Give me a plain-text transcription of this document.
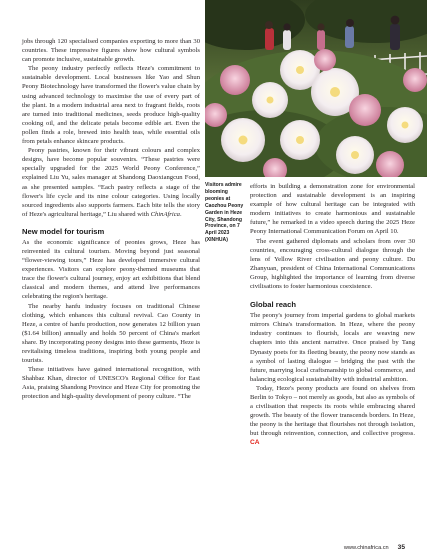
jobs through 120 specialised companies exporting to more than 30 countries. These impressive figures show how cultural symbols can promote inclusive, sustainable growth.

The peony industry perfectly reflects Heze's commitment to sustainable development. Local businesses like Yao and Shun Peony Biotechnology have transformed the flower's value chain by using advanced technology to maximise the use of every part of the plant. In a modern industrial area next to fragrant fields, roots are turned into traditional medicines, seeds produce high-quality cooking oil, and the delicate petals become edible art. Even the pollen finds a role, brewed into health teas, while essential oils from petals enhance skincare products.

Peony pastries, known for their vibrant colours and complex designs, have become popular souvenirs. “These pastries were specially upgraded for the 2025 World Peony Conference,” explained Liu Yu, sales manager at Shandong Daoxiangcun Food, as she presented samples. “Each pastry reflects a stage of the flower's life cycle and its nine colour categories. Using locally sourced ingredients also supports farmers. Each bite tells the story of Heze's agricultural heritage,” Liu shared with ChinAfrica.

New model for tourism

As the economic significance of peonies grows, Heze has reinvented its cultural tourism. Moving beyond just seasonal “flower-viewing tours,” Heze has developed immersive cultural experiences. Visitors can explore peony-themed museums that trace the flower's cultural journey, enjoy art exhibitions that blend classical and modern themes, and attend live performances celebrating the region's heritage.

The nearby hanfu industry focuses on traditional Chinese clothing, which enhances this cultural revival. Cao County in Heze, a centre of hanfu production, now generates 12 billion yuan ($1.64 billion) annually and holds 50 percent of China's market share. By incorporating peony designs into these garments, Heze is revitalising timeless traditions, inspiring both young people and tourists.

These initiatives have gained international recognition, with Shahbaz Khan, director of UNESCO's Regional Office for East Asia, praising Shandong Province and Heze City for promoting the protection and high-quality development of peony culture. “The

Visitors admire blooming peonies at Caozhou Peony Garden in Heze City, Shandong Province, on 7 April 2023
(XINHUA)

efforts in building a demonstration zone for environmental protection and sustainable development is an inspiring example of how cultural heritage can be integrated with modern initiatives to create harmonious and sustainable future,” he remarked in a video speech during the 2025 Heze Peony International Communication Forum on April 10.

The event gathered diplomats and scholars from over 30 countries, encouraging cross-cultural dialogue through the lens of Yellow River civilisation and peony culture. Du Zhanyuan, president of China International Communications Group, highlighted the importance of learning from diverse civilisations to foster harmonious coexistence.

Global reach

The peony's journey from imperial gardens to global markets mirrors China's transformation. In Heze, where the peony industry continues to flourish, locals are weaving new chapters into this ancient narrative. Once praised by Tang Dynasty poets for its fleeting beauty, the peony now stands as a symbol of lasting dialogue – bridging the past with the future, marrying local craftsmanship to global commerce, and balancing ecological sustainability with industrial ambition.

Today, Heze's peony products are found on shelves from Berlin to Tokyo – not merely as goods, but also as symbols of a civilisation that respects its roots while embracing shared growth. The beauty of the flower transcends borders. In Heze, the peony is the heritage that flourishes not through isolation, but through reinvention, connection, and collective progress. CA

www.chinafrica.cn 35
